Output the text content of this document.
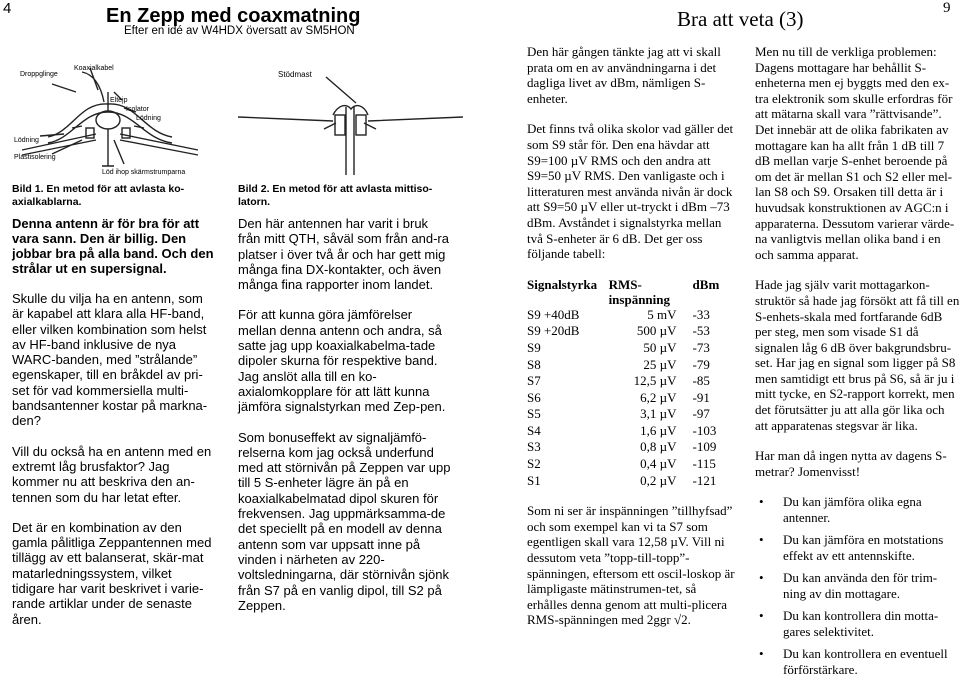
4	En Zepp med coaxmatning
Efter en idé av W4HDX översatt av SM5HON	Bra att veta (3)	9
Droppglinge
Koaxialkabel
Eltejp
Isolator
Lödning
Lödning
Plastisolering
Löd ihop skärmstrumparna
Bild 1. En metod för att avlasta ko-axialkablarna.
Stödmast
Bild 2. En metod för att avlasta mittiso-latorn.

Denna antenn är för bra för att vara sann. Den är billig. Den jobbar bra på alla band. Och den strålar ut en supersignal.

Skulle du vilja ha en antenn, som är kapabel att klara alla HF-band, eller vilken kombination som helst av HF-band inklusive de nya WARC-banden, med ”strålande” egenskaper, till en bråkdel av pri-set för vad kommersiella multi-bandsantenner kostar på markna-den?

Vill du också ha en antenn med en extremt låg brusfaktor? Jag kommer nu att beskriva den an-tennen som du har letat efter.

Det är en kombination av den gamla pålitliga Zeppantennen med tillägg av ett balanserat, skär-mat matarledningssystem, vilket tidigare har varit beskrivet i varie-rande artiklar under de senaste åren.

Den här antennen har varit i bruk från mitt QTH, såväl som från and-ra platser i över två år och har gett mig många fina DX-kontakter, och även många fina rapporter inom landet.

För att kunna göra jämförelser mellan denna antenn och andra, så satte jag upp koaxialkabelma-tade dipoler skurna för respektive band. Jag anslöt alla till en ko-axialomkopplare för att lätt kunna jämföra signalstyrkan med Zep-pen.

Som bonuseffekt av signaljämfö-relserna kom jag också underfund med att störnivån på Zeppen var upp till 5 S-enheter lägre än på en koaxialkabelmatad dipol skuren för frekvensen. Jag uppmärksamma-de det speciellt på en modell av denna antenn som var uppsatt inne på vinden i närheten av 220-voltsledningarna, där störnivån sjönk från S7 på en vanlig dipol, till S2 på Zeppen.

Den här gången tänkte jag att vi skall prata om en av användningarna i det dagliga livet av dBm, nämligen S-enheter.

Det finns två olika skolor vad gäller det som S9 står för. Den ena hävdar att S9=100 µV RMS och den andra att S9=50 µV RMS. Den vanligaste och i litteraturen mest använda nivån är dock att S9=50 µV eller ut-tryckt i dBm –73 dBm. Avståndet i signalstyrka mellan två S-enheter är 6 dB. Det ger oss följande tabell:

Signalstyrka	RMS-inspänning	dBm
S9 +40dB	5 mV	-33
S9 +20dB	500 µV	-53
S9	50 µV	-73
S8	25 µV	-79
S7	12,5 µV	-85
S6	6,2 µV	-91
S5	3,1 µV	-97
S4	1,6 µV	-103
S3	0,8 µV	-109
S2	0,4 µV	-115
S1	0,2 µV	-121

Som ni ser är inspänningen ”tillhyfsad” och som exempel kan vi ta S7 som egentligen skall vara 12,58 µV. Vill ni dessutom veta ”topp-till-topp”-spänningen, eftersom ett oscil-loskop är lämpligaste mätinstrumen-tet, så erhålles denna genom att multi-plicera RMS-spänningen med 2ggr √2.

Men nu till de verkliga problemen: Dagens mottagare har behållit S-enheterna men ej byggts med den ex-tra elektronik som skulle erfordras för att mätarna skall vara ”rättvisande”. Det innebär att de olika fabrikaten av mottagare kan ha allt från 1 dB till 7 dB mellan varje S-enhet beroende på om det är mellan S1 och S2 eller mel-lan S8 och S9. Orsaken till detta är i huvudsak konstruktionen av AGC:n i apparaterna. Dessutom varierar värde-na vanligtvis mellan olika band i en och samma apparat.

Hade jag själv varit mottagarkon-struktör så hade jag försökt att få till en S-enhets-skala med fortfarande 6dB per steg, men som visade S1 då signalen låg 6 dB över bakgrundsbru-set. Har jag en signal som ligger på S8 men samtidigt ett brus på S6, så är ju i mitt tycke, en S2-rapport korrekt, men det förutsätter ju att alla gör lika och att apparatenas stegsvar är lika.

Har man då ingen nytta av dagens S-metrar? Jomenvisst!

• Du kan jämföra olika egna antenner.
• Du kan jämföra en motstations effekt av ett antennskifte.
• Du kan använda den för trim-ning av din mottagare.
• Du kan kontrollera din motta-gares selektivitet.
• Du kan kontrollera en eventuell förförstärkare.
